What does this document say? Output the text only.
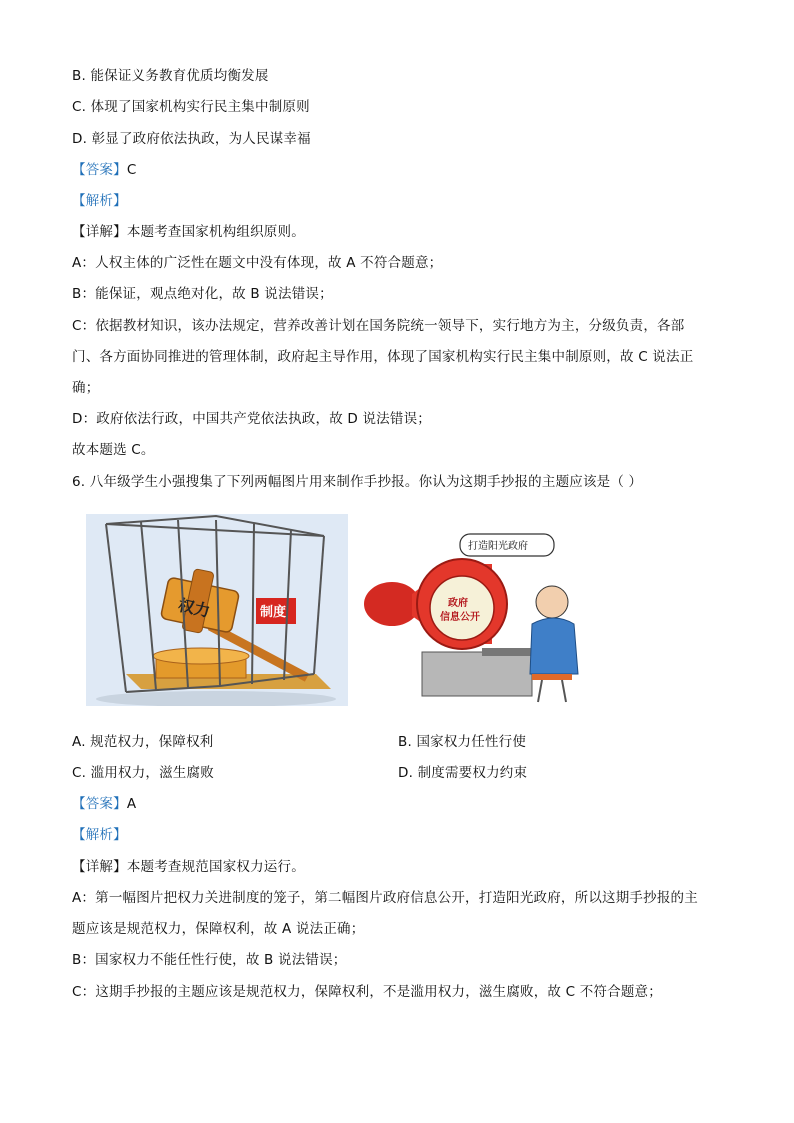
B. 能保证义务教育优质均衡发展
C. 体现了国家机构实行民主集中制原则
D. 彰显了政府依法执政，为人民谋幸福
【答案】C
【解析】
【详解】本题考查国家机构组织原则。
A：人权主体的广泛性在题文中没有体现，故 A 不符合题意；
B：能保证，观点绝对化，故 B 说法错误；
C：依据教材知识，该办法规定，营养改善计划在国务院统一领导下，实行地方为主，分级负责，各部
门、各方面协同推进的管理体制，政府起主导作用，体现了国家机构实行民主集中制原则，故 C 说法正
确；
D：政府依法行政，中国共产党依法执政，故 D 说法错误；
故本题选 C。
6. 八年级学生小强搜集了下列两幅图片用来制作手抄报。你认为这期手抄报的主题应该是（ ）
权力	制度
政府
信息公开
打造阳光政府
A. 规范权力，保障权利	B. 国家权力任性行使
C. 滥用权力，滋生腐败	D. 制度需要权力约束
【答案】A
【解析】
【详解】本题考查规范国家权力运行。
A：第一幅图片把权力关进制度的笼子，第二幅图片政府信息公开，打造阳光政府，所以这期手抄报的主
题应该是规范权力，保障权利，故 A 说法正确；
B：国家权力不能任性行使，故 B 说法错误；
C：这期手抄报的主题应该是规范权力，保障权利，不是滥用权力，滋生腐败，故 C 不符合题意；
